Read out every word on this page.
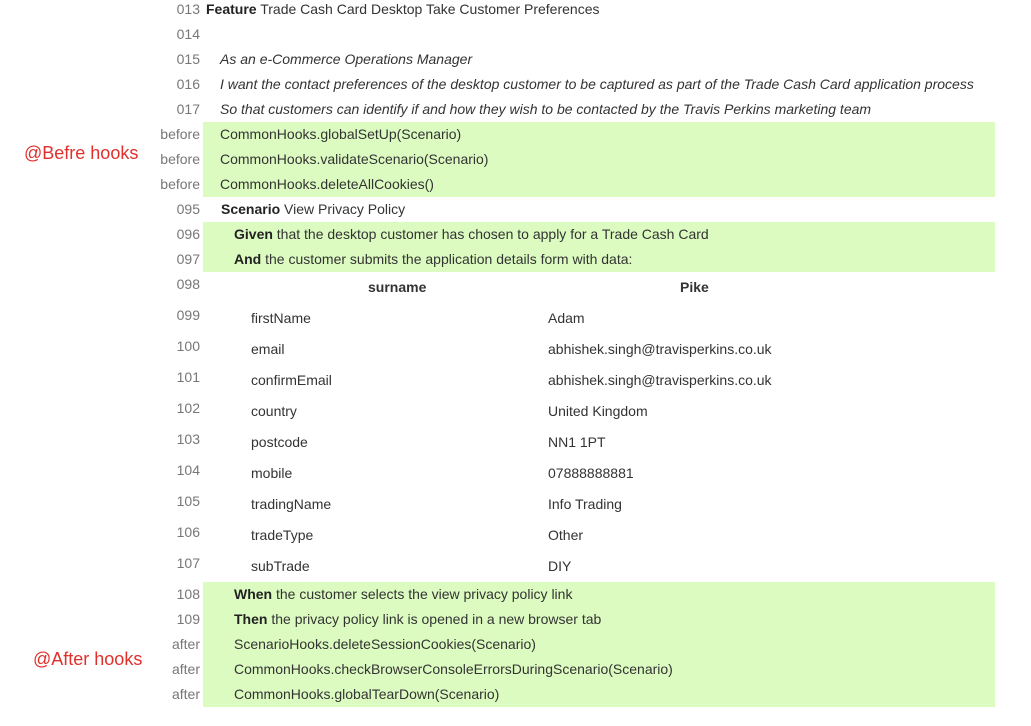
@Befre hooks
@After hooks
013 Feature Trade Cash Card Desktop Take Customer Preferences
014
015 As an e-Commerce Operations Manager
016 I want the contact preferences of the desktop customer to be captured as part of the Trade Cash Card application process
017 So that customers can identify if and how they wish to be contacted by the Travis Perkins marketing team
before CommonHooks.globalSetUp(Scenario)
before CommonHooks.validateScenario(Scenario)
before CommonHooks.deleteAllCookies()
095 Scenario View Privacy Policy
096 Given that the desktop customer has chosen to apply for a Trade Cash Card
097 And the customer submits the application details form with data:
098	surname	Pike
099	firstName	Adam
100	email	abhishek.singh@travisperkins.co.uk
101	confirmEmail	abhishek.singh@travisperkins.co.uk
102	country	United Kingdom
103	postcode	NN1 1PT
104	mobile	07888888881
105	tradingName	Info Trading
106	tradeType	Other
107	subTrade	DIY
108 When the customer selects the view privacy policy link
109 Then the privacy policy link is opened in a new browser tab
after ScenarioHooks.deleteSessionCookies(Scenario)
after CommonHooks.checkBrowserConsoleErrorsDuringScenario(Scenario)
after CommonHooks.globalTearDown(Scenario)
